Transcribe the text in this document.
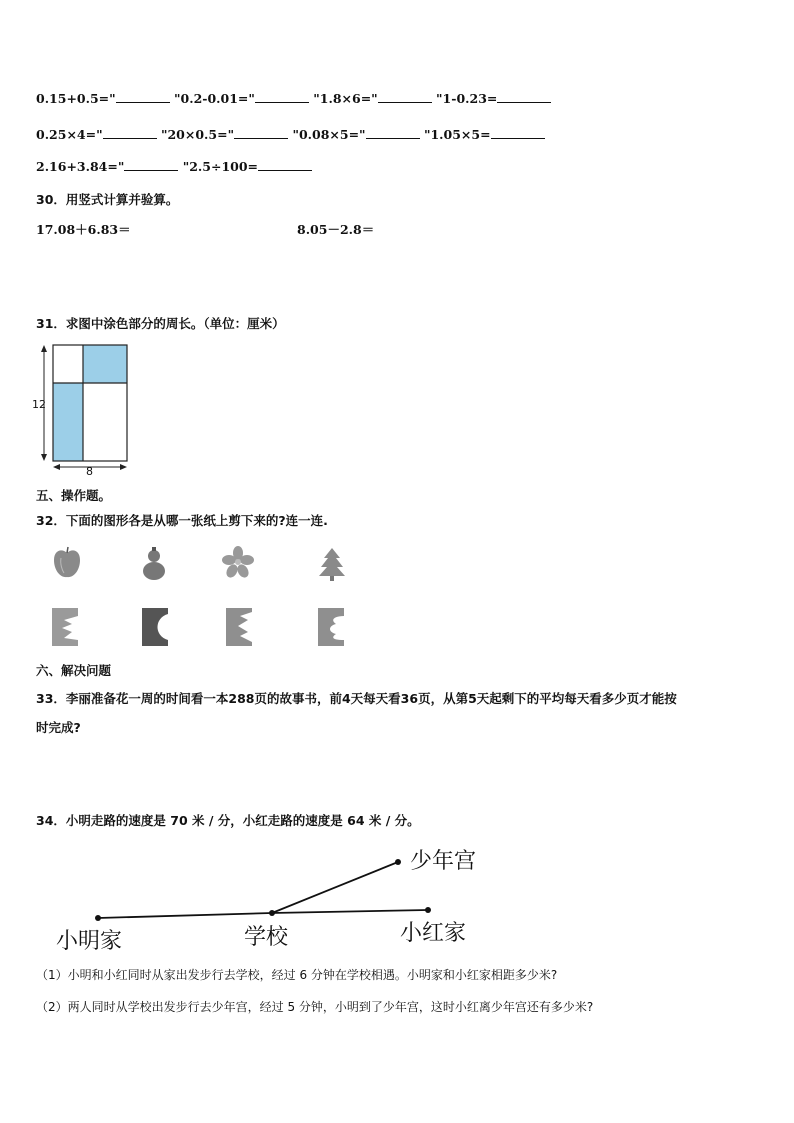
0.15+0.5="	"0.2-0.01="	"1.8×6="	"1-0.23=
0.25×4="	"20×0.5="	"0.08×5="	"1.05×5=
2.16+3.84="	"2.5÷100=
30．用竖式计算并验算。
17.08＋6.83＝	8.05－2.8＝
31．求图中涂色部分的周长。（单位：厘米）
12
8
五、操作题。
32．下面的图形各是从哪一张纸上剪下来的?连一连.
六、解决问题
33．李丽准备花一周的时间看一本288页的故事书，前4天每天看36页，从第5天起剩下的平均每天看多少页才能按
时完成?
34．小明走路的速度是 70 米 / 分，小红走路的速度是 64 米 / 分。
小明家	学校	小红家
少年宫
（1）小明和小红同时从家出发步行去学校，经过 6 分钟在学校相遇。小明家和小红家相距多少米?
（2）两人同时从学校出发步行去少年宫，经过 5 分钟，小明到了少年宫，这时小红离少年宫还有多少米?
